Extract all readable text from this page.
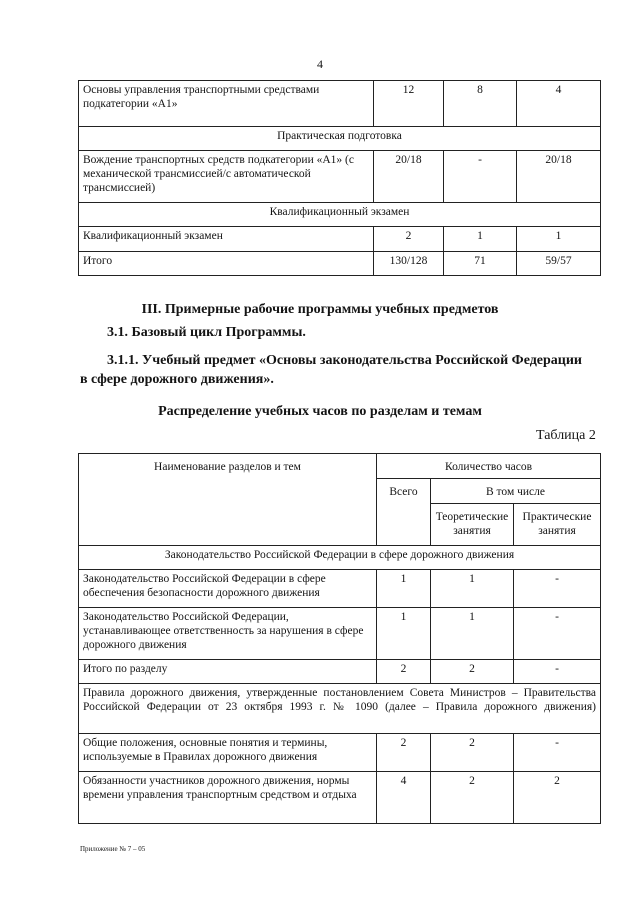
4
Основы управления транспортными средствами подкатегории «A1»	12	8	4
Практическая подготовка			
Вождение транспортных средств подкатегории «A1» (с механической трансмиссией/с автоматической трансмиссией)	20/18	-	20/18
Квалификационный экзамен			
Квалификационный экзамен	2	1	1
Итого	130/128	71	59/57
III. Примерные рабочие программы учебных предметов
3.1. Базовый цикл Программы.
3.1.1. Учебный предмет «Основы законодательства Российской Федерации
в сфере дорожного движения».
Распределение учебных часов по разделам и темам
Таблица 2
Наименование разделов и тем	Количество часов		
	Всего	В том числе	
		Теоретические занятия	Практические занятия
Законодательство Российской Федерации в сфере дорожного движения			
Законодательство Российской Федерации в сфере обеспечения безопасности дорожного движения	1	1	-
Законодательство Российской Федерации, устанавливающее ответственность за нарушения в сфере дорожного движения	1	1	-
Итого по разделу	2	2	-
Правила дорожного движения, утвержденные постановлением Совета Министров – Правительства Российской Федерации от 23 октября 1993 г. № 1090 (далее – Правила дорожного движения)			
Общие положения, основные понятия и термины, используемые в Правилах дорожного движения	2	2	-
Обязанности участников дорожного движения, нормы времени управления транспортным средством и отдыха	4	2	2
Приложение № 7 – 05
